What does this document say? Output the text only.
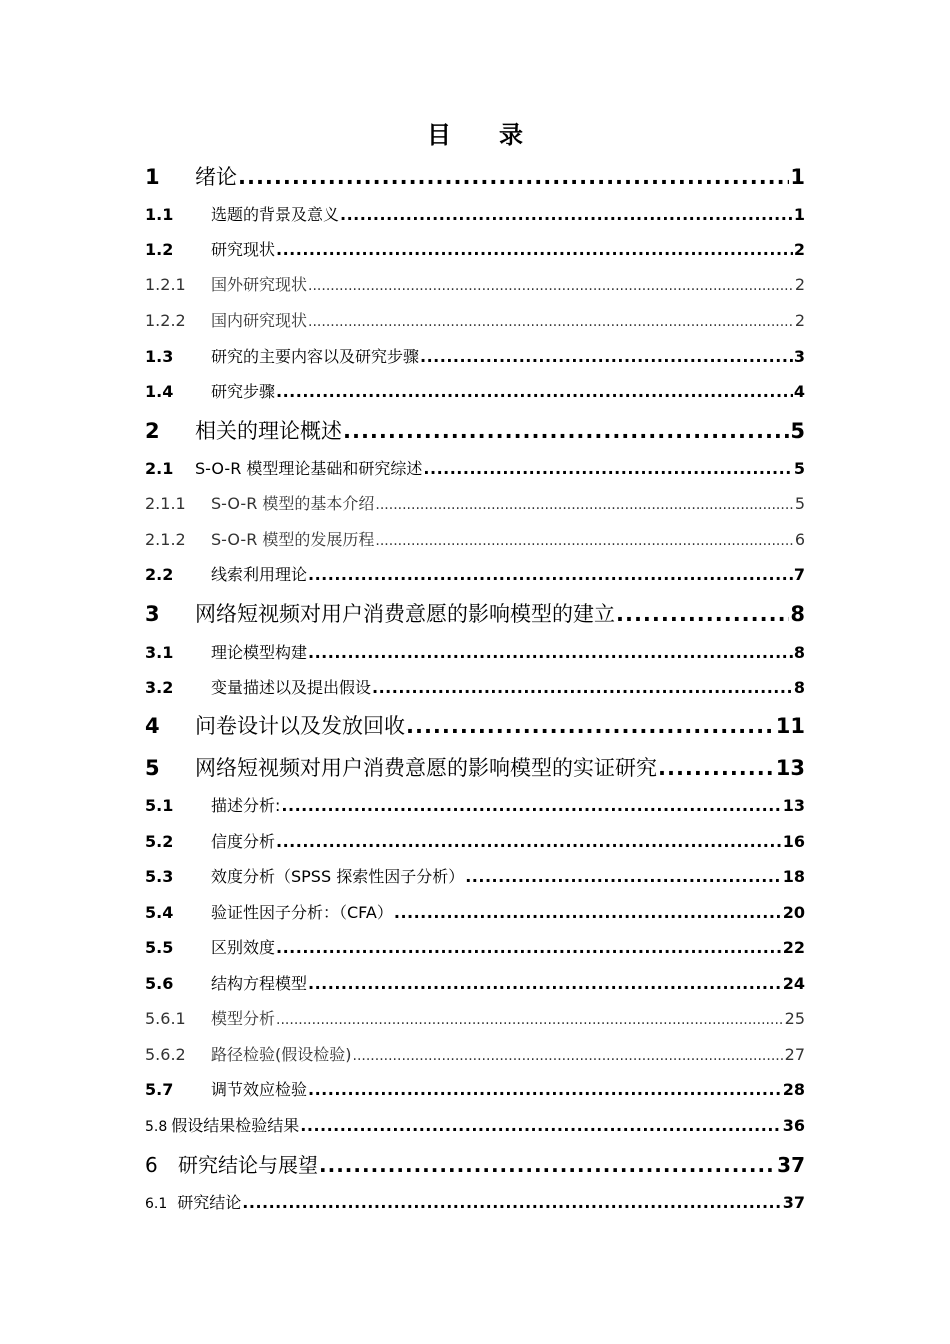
目 录
1	绪论 .....	1
1.1	选题的背景及意义 .....	1
1.2	研究现状 .....	2
1.2.1	国外研究现状 .....	2
1.2.2	国内研究现状 .....	2
1.3	研究的主要内容以及研究步骤 .....	3
1.4	研究步骤 .....	4
2	相关的理论概述 .....	5
2.1	S-O-R 模型理论基础和研究综述 .....	5
2.1.1	S-O-R 模型的基本介绍 .....	5
2.1.2	S-O-R 模型的发展历程 .....	6
2.2	线索利用理论 .....	7
3	网络短视频对用户消费意愿的影响模型的建立 .....	8
3.1	理论模型构建 .....	8
3.2	变量描述以及提出假设 .....	8
4	问卷设计以及发放回收 .....	11
5	网络短视频对用户消费意愿的影响模型的实证研究 .....	13
5.1	描述分析: .....	13
5.2	信度分析 .....	16
5.3	效度分析（SPSS 探索性因子分析） .....	18
5.4	验证性因子分析：（CFA） .....	20
5.5	区别效度 .....	22
5.6	结构方程模型 .....	24
5.6.1	模型分析 .....	25
5.6.2	路径检验(假设检验) .....	27
5.7	调节效应检验 .....	28
5.8 假设结果检验结果 .....	36
6	研究结论与展望 .....	37
6.1 研究结论 .....	37
